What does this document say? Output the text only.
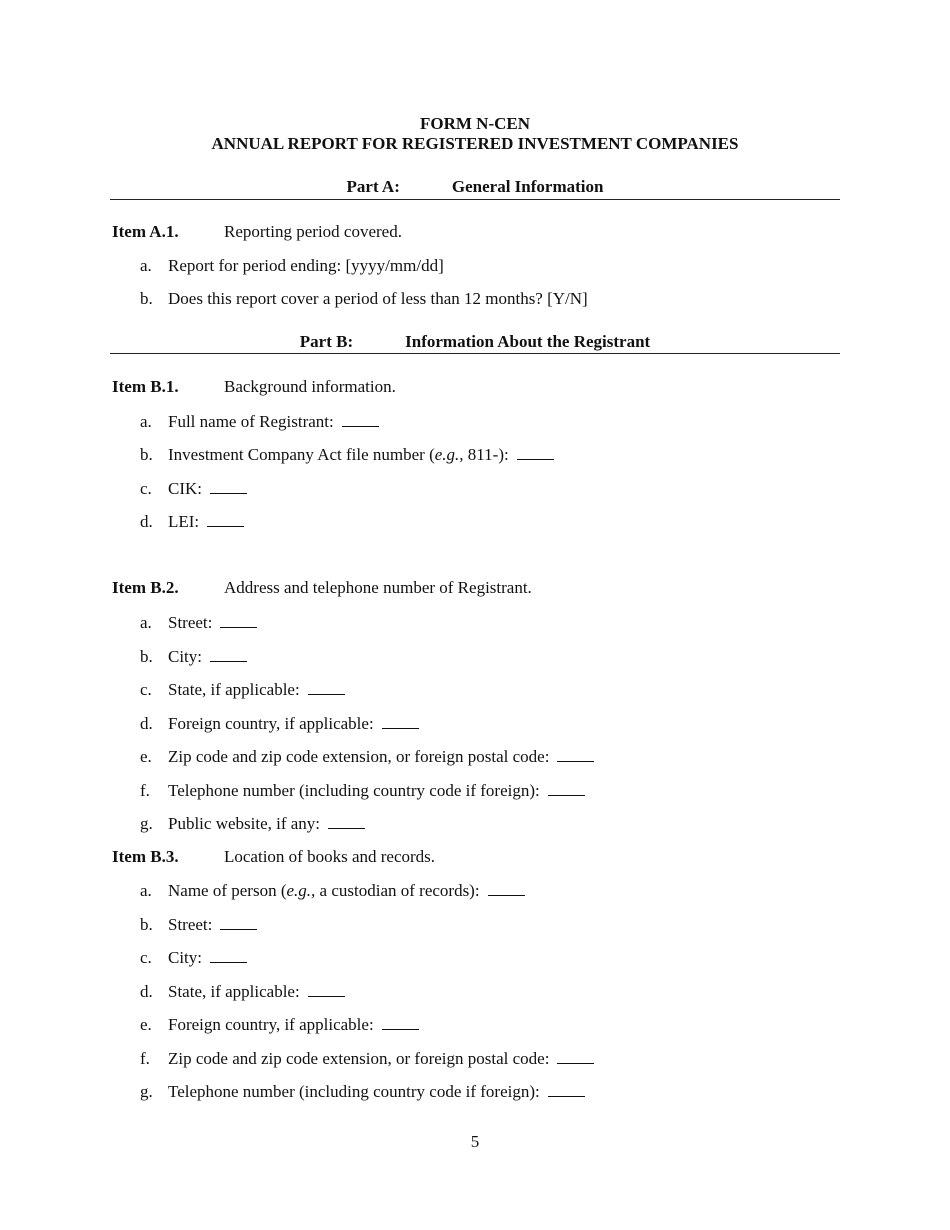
FORM N-CEN
ANNUAL REPORT FOR REGISTERED INVESTMENT COMPANIES
Part A:	General Information
Item A.1.	Reporting period covered.
a. Report for period ending: [yyyy/mm/dd]
b. Does this report cover a period of less than 12 months? [Y/N]
Part B:	Information About the Registrant
Item B.1.	Background information.
a. Full name of Registrant:
b. Investment Company Act file number (e.g., 811-):
c. CIK:
d. LEI:
Item B.2.	Address and telephone number of Registrant.
a. Street:
b. City:
c. State, if applicable:
d. Foreign country, if applicable:
e. Zip code and zip code extension, or foreign postal code:
f. Telephone number (including country code if foreign):
g. Public website, if any:
Item B.3.	Location of books and records.
a. Name of person (e.g., a custodian of records):
b. Street:
c. City:
d. State, if applicable:
e. Foreign country, if applicable:
f. Zip code and zip code extension, or foreign postal code:
g. Telephone number (including country code if foreign):
5
